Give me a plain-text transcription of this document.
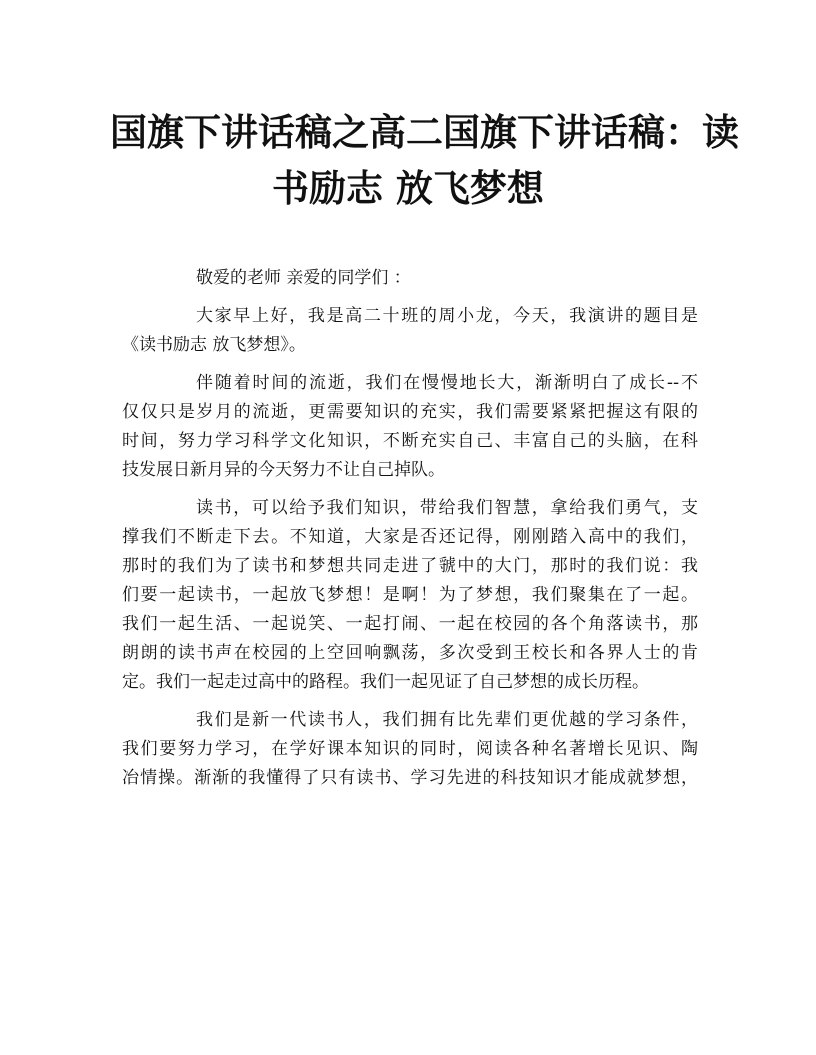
国旗下讲话稿之高二国旗下讲话稿：读
书励志 放飞梦想
敬爱的老师 亲爱的同学们 ：
大家早上好，我是高二十班的周小龙，今天，我演讲的题目是
《读书励志 放飞梦想》。
伴随着时间的流逝，我们在慢慢地长大，渐渐明白了成长--不
仅仅只是岁月的流逝，更需要知识的充实，我们需要紧紧把握这有限的
时间，努力学习科学文化知识，不断充实自己、丰富自己的头脑，在科
技发展日新月异的今天努力不让自己掉队。
读书，可以给予我们知识，带给我们智慧，拿给我们勇气，支
撑我们不断走下去。不知道，大家是否还记得，刚刚踏入高中的我们，
那时的我们为了读书和梦想共同走进了虢中的大门，那时的我们说：我
们要一起读书，一起放飞梦想！是啊！为了梦想，我们聚集在了一起。
我们一起生活、一起说笑、一起打闹、一起在校园的各个角落读书，那
朗朗的读书声在校园的上空回响飘荡，多次受到王校长和各界人士的肯
定。我们一起走过高中的路程。我们一起见证了自己梦想的成长历程。
我们是新一代读书人，我们拥有比先辈们更优越的学习条件，
我们要努力学习，在学好课本知识的同时，阅读各种名著增长见识、陶
冶情操。渐渐的我懂得了只有读书、学习先进的科技知识才能成就梦想，
